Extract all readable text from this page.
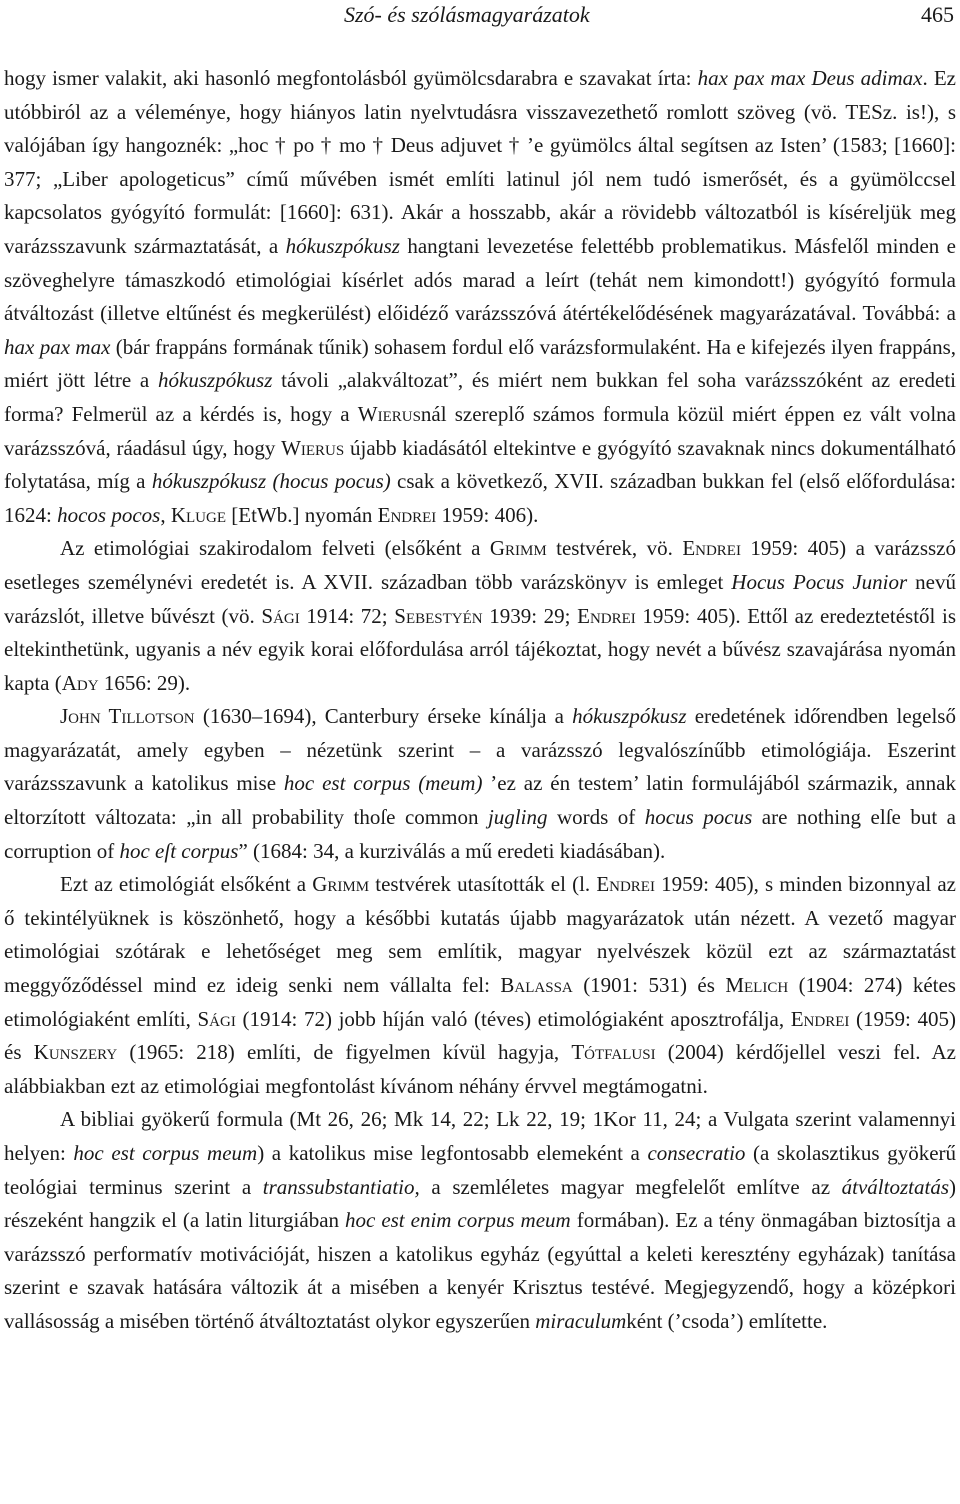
Szó- és szólásmagyarázatok	465

hogy ismer valakit, aki hasonló megfontolásból gyümölcsdarabra e szavakat írta: hax pax max Deus adimax. Ez utóbbiról az a véleménye, hogy hiányos latin nyelvtudásra visszavezethető romlott szöveg (vö. TESz. is!), s valójában így hangoznék: „hoc † po † mo † Deus adjuvet † ’e gyümölcs által segítsen az Isten’ (1583; [1660]: 377; „Liber apologeticus” című művében ismét említi latinul jól nem tudó ismerősét, és a gyümölccsel kapcsolatos gyógyító formulát: [1660]: 631). Akár a hosszabb, akár a rövidebb változatból is kíséreljük meg varázsszavunk származtatását, a hókuszpókusz hangtani levezetése felettébb problematikus. Másfelől minden e szöveghelyre támaszkodó etimológiai kísérlet adós marad a leírt (tehát nem kimondott!) gyógyító formula átváltozást (illetve eltűnést és megkerülést) előidéző varázsszóvá átértékelődésének magyarázatával. Továbbá: a hax pax max (bár frappáns formának tűnik) sohasem fordul elő varázsformulaként. Ha e kifejezés ilyen frappáns, miért jött létre a hókuszpókusz távoli „alakváltozat”, és miért nem bukkan fel soha varázsszóként az eredeti forma? Felmerül az a kérdés is, hogy a Wierusnál szereplő számos formula közül miért éppen ez vált volna varázsszóvá, ráadásul úgy, hogy Wierus újabb kiadásától eltekintve e gyógyító szavaknak nincs dokumentálható folytatása, míg a hókuszpókusz (hocus pocus) csak a következő, XVII. században bukkan fel (első előfordulása: 1624: hocos pocos, Kluge [EtWb.] nyomán Endrei 1959: 406).

Az etimológiai szakirodalom felveti (elsőként a Grimm testvérek, vö. Endrei 1959: 405) a varázsszó esetleges személynévi eredetét is. A XVII. században több varázskönyv is emleget Hocus Pocus Junior nevű varázslót, illetve bűvészt (vö. Sági 1914: 72; Sebestyén 1939: 29; Endrei 1959: 405). Ettől az eredeztetéstől is eltekinthetünk, ugyanis a név egyik korai előfordulása arról tájékoztat, hogy nevét a bűvész szavajárása nyomán kapta (Ady 1656: 29).

John Tillotson (1630–1694), Canterbury érseke kínálja a hókuszpókusz eredetének időrendben legelső magyarázatát, amely egyben – nézetünk szerint – a varázsszó legvalószínűbb etimológiája. Eszerint varázsszavunk a katolikus mise hoc est corpus (meum) ’ez az én testem’ latin formulájából származik, annak eltorzított változata: „in all probability thoſe common jugling words of hocus pocus are nothing elſe but a corruption of hoc eſt corpus” (1684: 34, a kurziválás a mű eredeti kiadásában).

Ezt az etimológiát elsőként a Grimm testvérek utasították el (l. Endrei 1959: 405), s minden bizonnyal az ő tekintélyüknek is köszönhető, hogy a későbbi kutatás újabb magyarázatok után nézett. A vezető magyar etimológiai szótárak e lehetőséget meg sem említik, magyar nyelvészek közül ezt az származtatást meggyőződéssel mind ez ideig senki nem vállalta fel: Balassa (1901: 531) és Melich (1904: 274) kétes etimológiaként említi, Sági (1914: 72) jobb híján való (téves) etimológiaként aposztrofálja, Endrei (1959: 405) és Kunszery (1965: 218) említi, de figyelmen kívül hagyja, Tótfalusi (2004) kérdőjellel veszi fel. Az alábbiakban ezt az etimológiai megfontolást kívánom néhány érvvel megtámogatni.

A bibliai gyökerű formula (Mt 26, 26; Mk 14, 22; Lk 22, 19; 1Kor 11, 24; a Vulgata szerint valamennyi helyen: hoc est corpus meum) a katolikus mise legfontosabb elemeként a consecratio (a skolasztikus gyökerű teológiai terminus szerint a transsubstantiatio, a szemléletes magyar megfelelőt említve az átváltoztatás) részeként hangzik el (a latin liturgiában hoc est enim corpus meum formában). Ez a tény önmagában biztosítja a varázsszó performatív motivációját, hiszen a katolikus egyház (egyúttal a keleti keresztény egyházak) tanítása szerint e szavak hatására változik át a misében a kenyér Krisztus testévé. Megjegyzendő, hogy a középkori vallásosság a misében történő átváltoztatást olykor egyszerűen miraculumként (’csoda’) említette.
